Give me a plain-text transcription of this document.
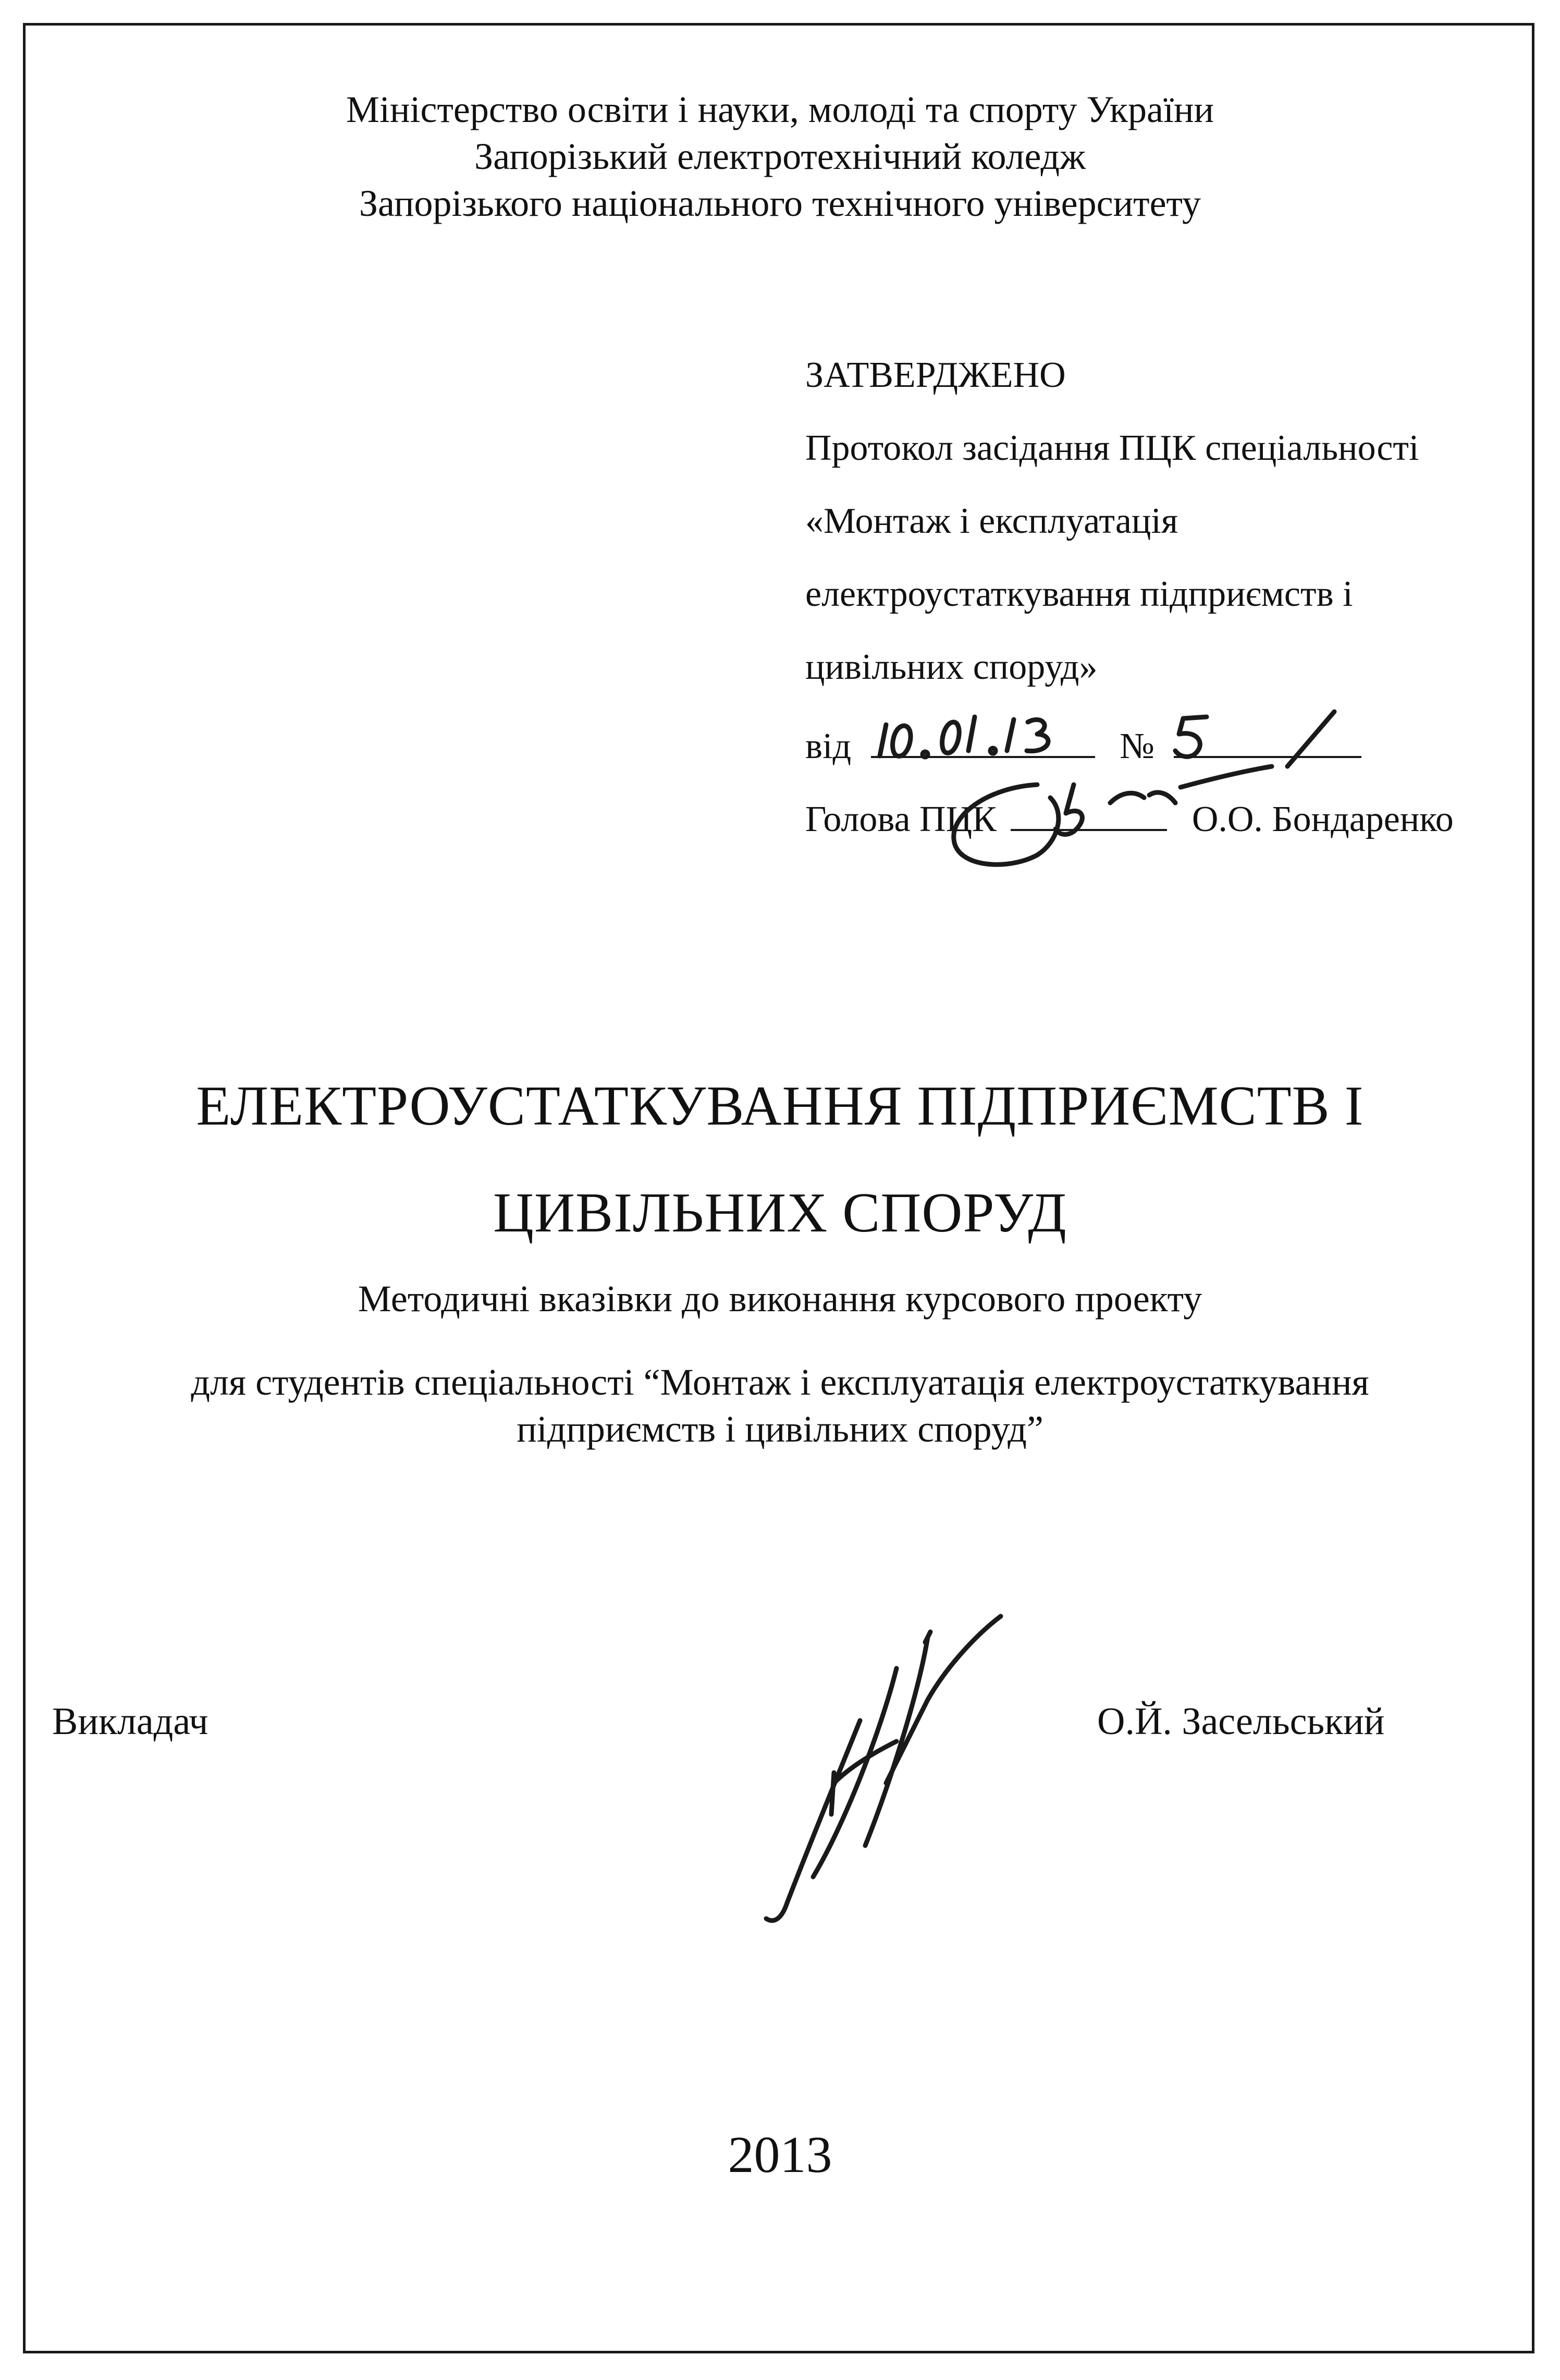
Міністерство освіти і науки, молоді та спорту України
Запорізький електротехнічний коледж
Запорізького національного технічного університету
ЗАТВЕРДЖЕНО
Протокол засідання ПЦК спеціальності
«Монтаж і експлуатація
електроустаткування підприємств і
цивільних споруд»
від	№
Голова ПЦК	О.О. Бондаренко
ЕЛЕКТРОУСТАТКУВАННЯ ПІДПРИЄМСТВ І
ЦИВІЛЬНИХ СПОРУД
Методичні вказівки до виконання курсового проекту
для студентів спеціальності “Монтаж і експлуатація електроустаткування
підприємств і цивільних споруд”
Викладач	О.Й. Засельський
2013
